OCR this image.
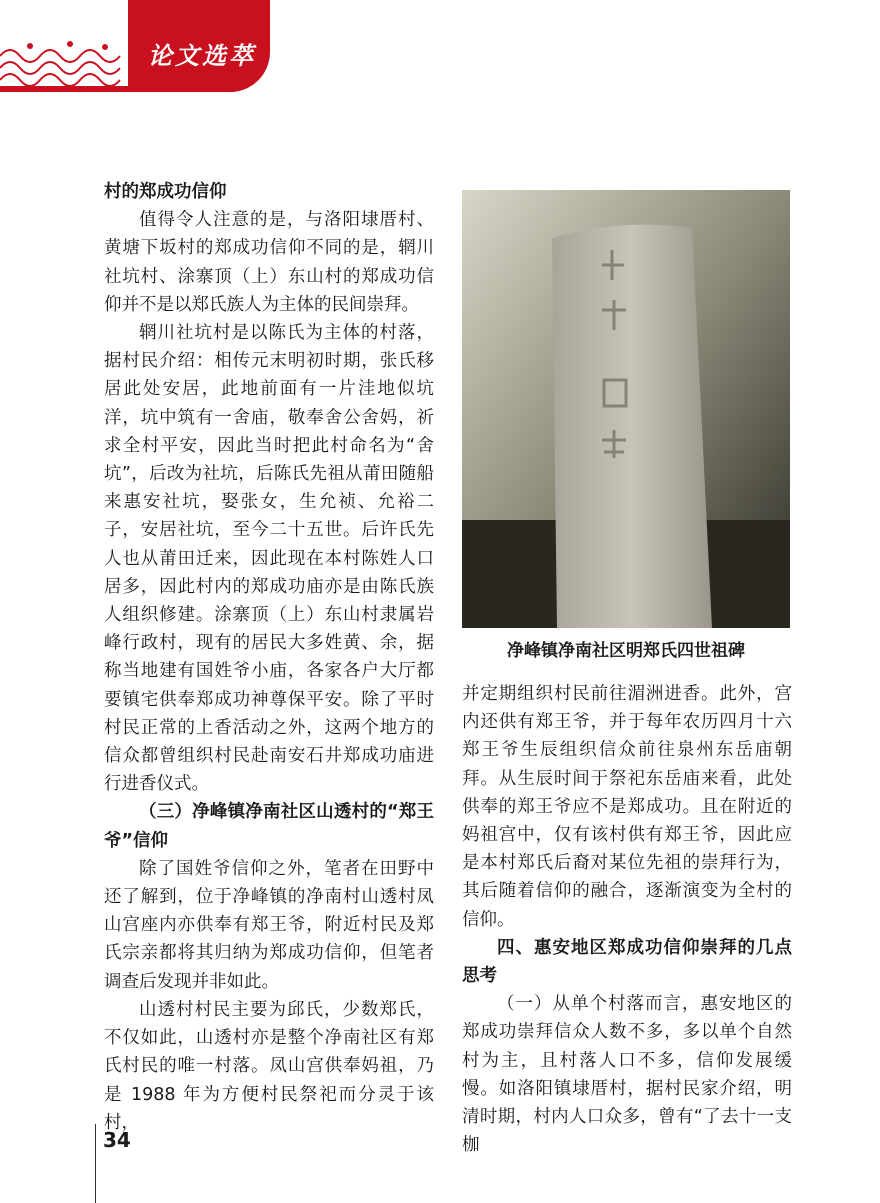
论文选萃

村的郑成功信仰

值得令人注意的是，与洛阳埭厝村、黄塘下坂村的郑成功信仰不同的是，辋川社坑村、涂寨顶（上）东山村的郑成功信仰并不是以郑氏族人为主体的民间崇拜。

辋川社坑村是以陈氏为主体的村落，据村民介绍：相传元末明初时期，张氏移居此处安居，此地前面有一片洼地似坑洋，坑中筑有一舍庙，敬奉舍公舍妈，祈求全村平安，因此当时把此村命名为“舍坑”，后改为社坑，后陈氏先祖从莆田随船来惠安社坑，娶张女，生允祯、允裕二子，安居社坑，至今二十五世。后许氏先人也从莆田迁来，因此现在本村陈姓人口居多，因此村内的郑成功庙亦是由陈氏族人组织修建。涂寨顶（上）东山村隶属岩峰行政村，现有的居民大多姓黄、余，据称当地建有国姓爷小庙，各家各户大厅都要镇宅供奉郑成功神尊保平安。除了平时村民正常的上香活动之外，这两个地方的信众都曾组织村民赴南安石井郑成功庙进行进香仪式。

（三）净峰镇净南社区山透村的“郑王爷”信仰

除了国姓爷信仰之外，笔者在田野中还了解到，位于净峰镇的净南村山透村凤山宫座内亦供奉有郑王爷，附近村民及郑氏宗亲都将其归纳为郑成功信仰，但笔者调查后发现并非如此。

山透村村民主要为邱氏，少数郑氏，不仅如此，山透村亦是整个净南社区有郑氏村民的唯一村落。凤山宫供奉妈祖，乃是 1988 年为方便村民祭祀而分灵于该村，

净峰镇净南社区明郑氏四世祖碑

并定期组织村民前往湄洲进香。此外，宫内还供有郑王爷，并于每年农历四月十六郑王爷生辰组织信众前往泉州东岳庙朝拜。从生辰时间于祭祀东岳庙来看，此处供奉的郑王爷应不是郑成功。且在附近的妈祖宫中，仅有该村供有郑王爷，因此应是本村郑氏后裔对某位先祖的崇拜行为，其后随着信仰的融合，逐渐演变为全村的信仰。

四、惠安地区郑成功信仰崇拜的几点思考

（一）从单个村落而言，惠安地区的郑成功崇拜信众人数不多，多以单个自然村为主，且村落人口不多，信仰发展缓慢。如洛阳镇埭厝村，据村民家介绍，明清时期，村内人口众多，曾有“了去十一支枷

34
